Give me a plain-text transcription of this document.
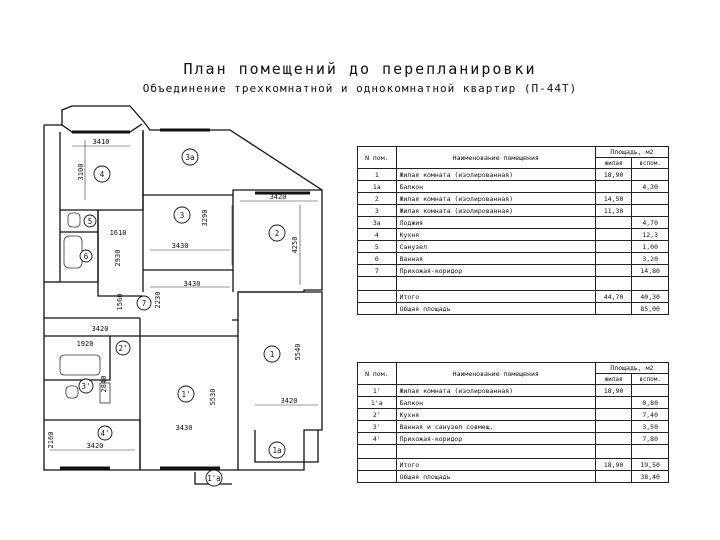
План помещений до перепланировки
Объединение трехкомнатной и однокомнатной квартир (П-44Т)
3410
3100
3420
3290
4250
1610
3430
2930
3430
1560	2230
5540
3420
1920
2840
5530	3420
3430
2160	3420
4
3а
3
2
5
6
7
1
2'
3'
1'
4'
1а
1'а
N пом.	Наименование помещения	Площадь, м2	
		жилая	вспом.
1	Жилая комната (изолированная)	18,90	
1а	Балкон		4,30
2	Жилая комната (изолированная)	14,50	
3	Жилая комната (изолированная)	11,30	
3а	Лоджия		4,70
4	Кухня		12,3
5	Санузел		1,00
6	Ванная		3,20
7	Прихожая-коридор		14,80

	Итого	44,70	40,30
	Общая площадь		85,00
N пом.	Наименование помещения	Площадь, м2	
		жилая	вспом.
1'	Жилая комната (изолированная)	18,90	
1'а	Балкон		0,80
2'	Кухня		7,40
3'	Ванная и санузел совмещ.		3,50
4'	Прихожая-коридор		7,80

	Итого	18,90	19,50
	Общая площадь		38,40
